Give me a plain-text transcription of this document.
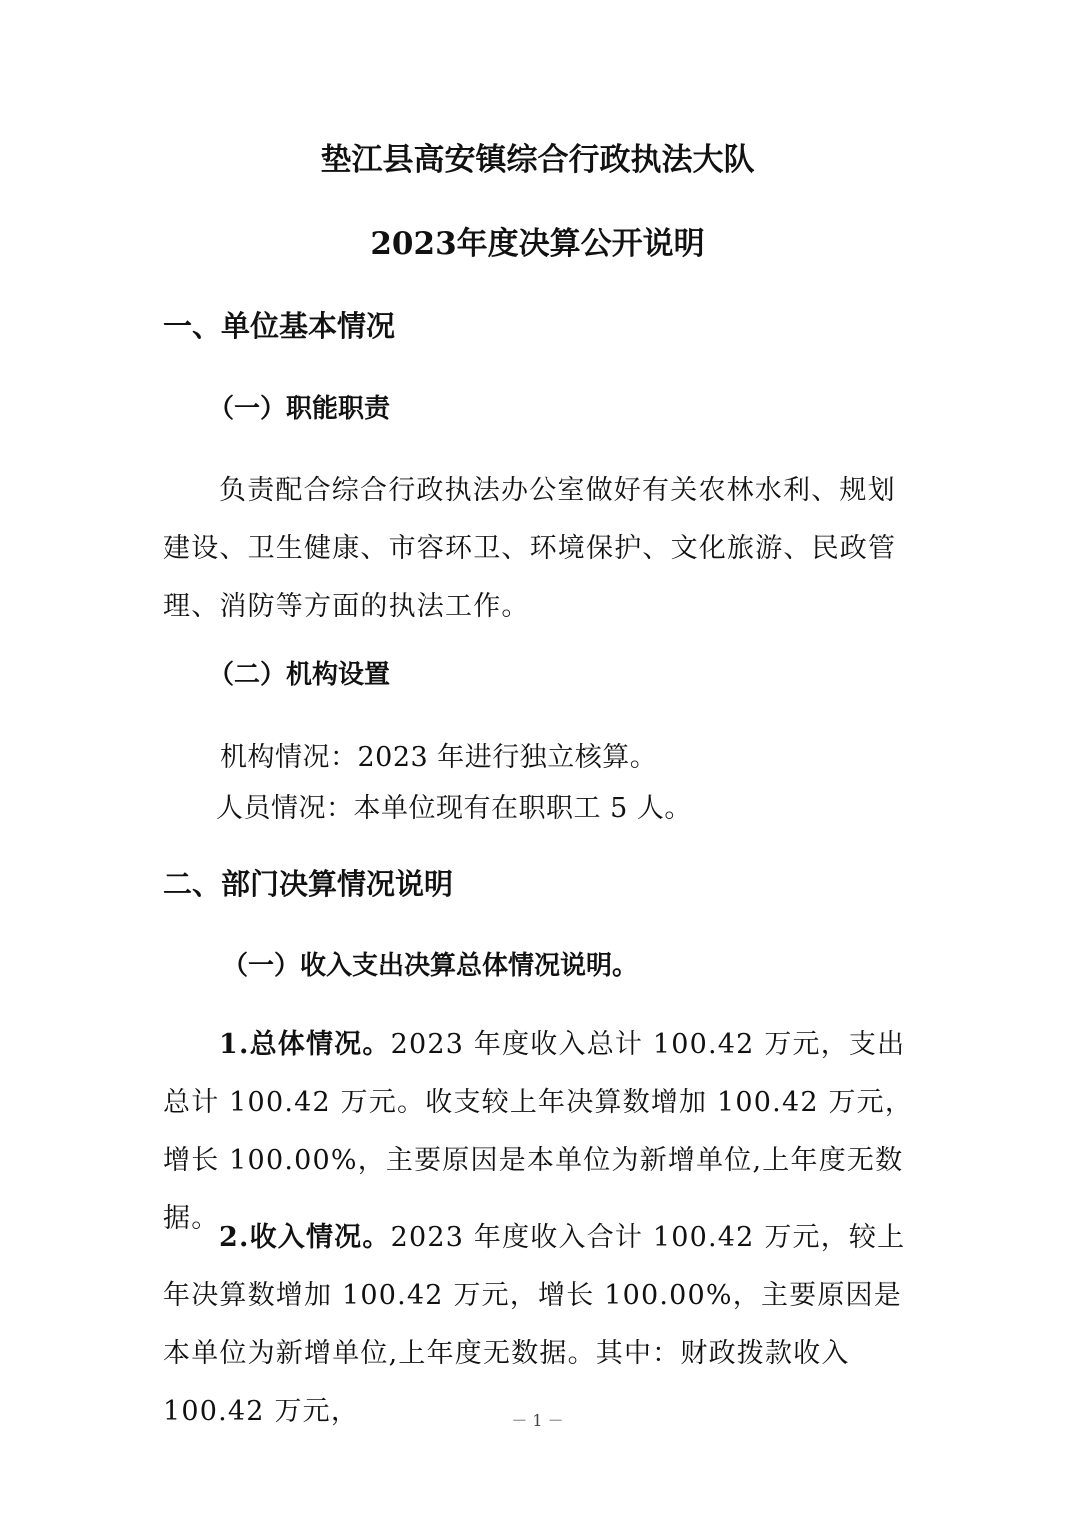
垫江县高安镇综合行政执法大队
2023年度决算公开说明
一、单位基本情况
（一）职能职责
负责配合综合行政执法办公室做好有关农林水利、规划建设、卫生健康、市容环卫、环境保护、文化旅游、民政管理、消防等方面的执法工作。
（二）机构设置
机构情况：2023 年进行独立核算。
人员情况：本单位现有在职职工 5 人。
二、部门决算情况说明
（一）收入支出决算总体情况说明。
1.总体情况。2023 年度收入总计 100.42 万元，支出总计 100.42 万元。收支较上年决算数增加 100.42 万元，增长 100.00%，主要原因是本单位为新增单位,上年度无数据。
2.收入情况。2023 年度收入合计 100.42 万元，较上年决算数增加 100.42 万元，增长 100.00%，主要原因是本单位为新增单位,上年度无数据。其中：财政拨款收入 100.42 万元，	－ 1 －
